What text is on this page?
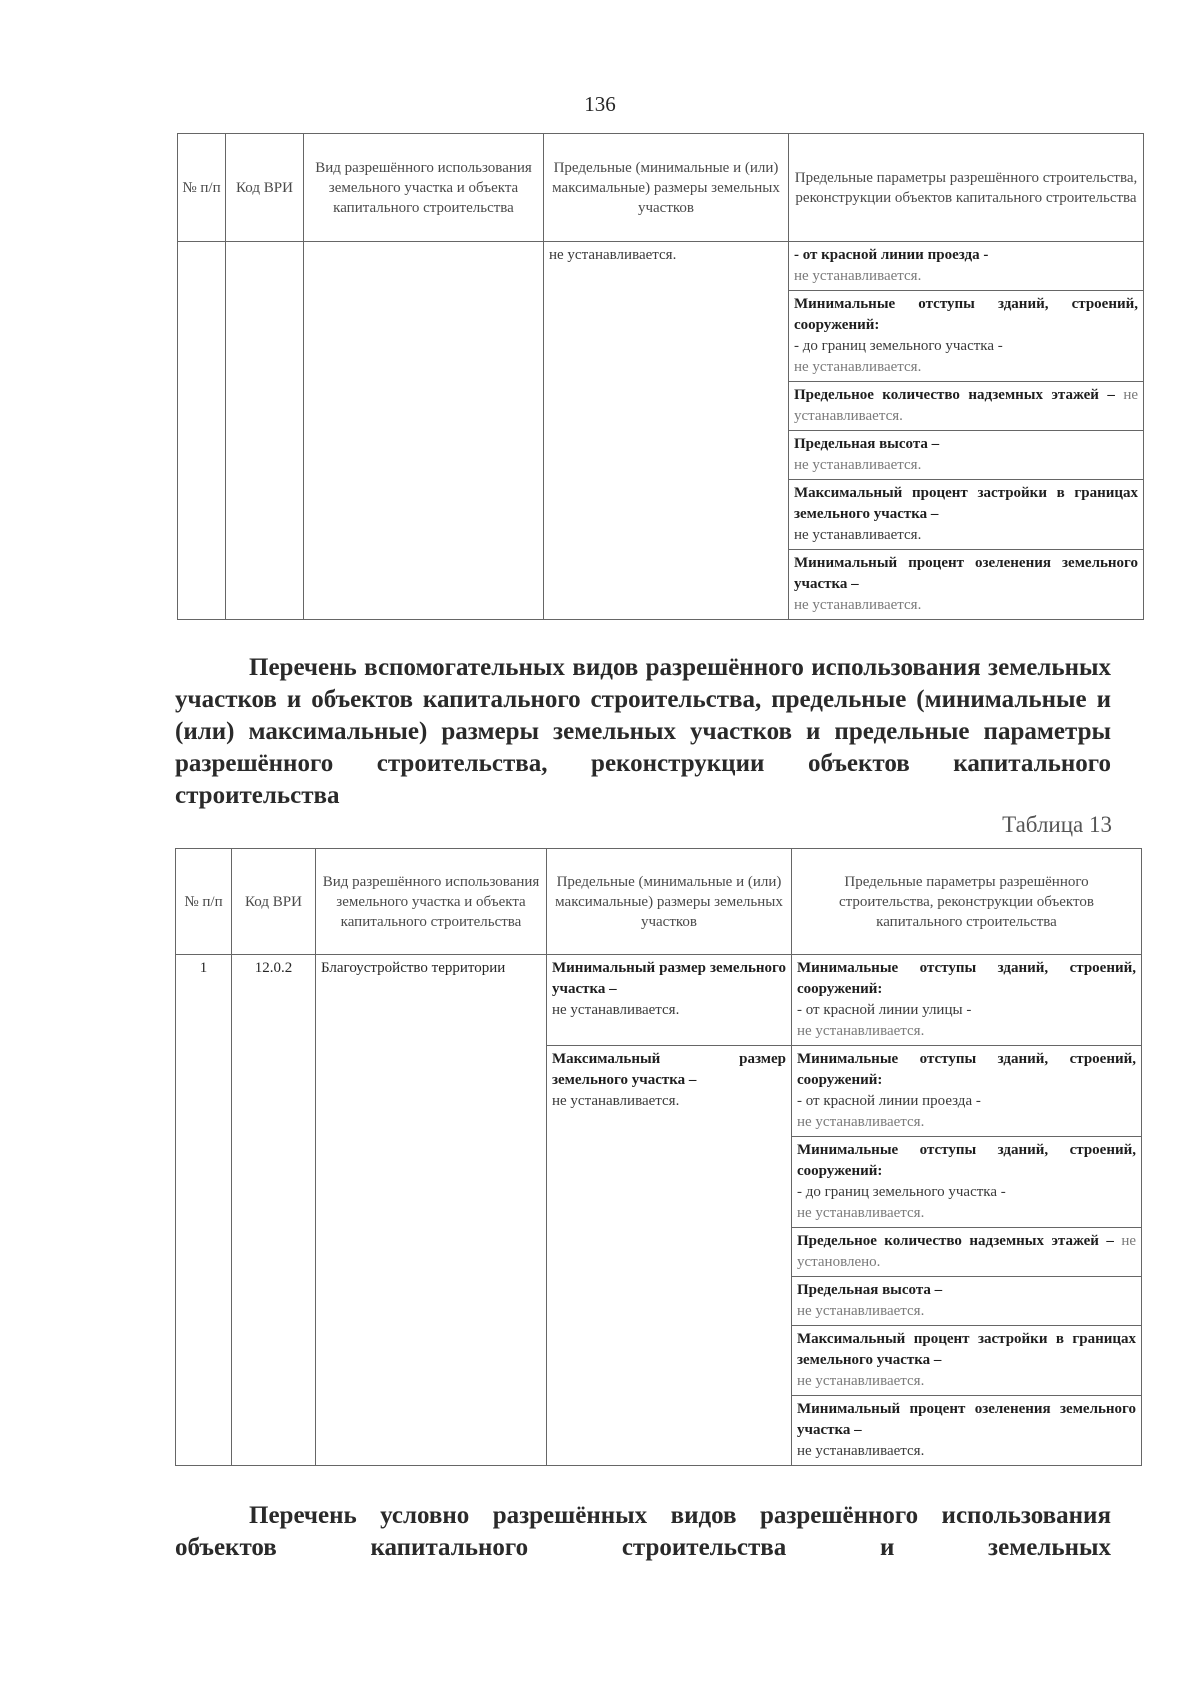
136
№ п/п	Код ВРИ	Вид разрешённого использования земельного участка и объекта капитального строительства	Предельные (минимальные и (или) максимальные) размеры земельных участков	Предельные параметры разрешённого строительства, реконструкции объектов капитального строительства
			не устанавливается.	- от красной линии проезда -
не устанавливается.
				Минимальные отступы зданий, строений, сооружений:
- до границ земельного участка -
не устанавливается.
				Предельное количество надземных этажей – не устанавливается.
				Предельная высота –
не устанавливается.
				Максимальный процент застройки в границах земельного участка –
не устанавливается.
				Минимальный процент озеленения земельного участка –
не устанавливается.
Перечень вспомогательных видов разрешённого использования земельных участков и объектов капитального строительства, предельные (минимальные и (или) максимальные) размеры земельных участков и предельные параметры разрешённого строительства, реконструкции объектов капитального строительства
Таблица 13
№ п/п	Код ВРИ	Вид разрешённого использования земельного участка и объекта капитального строительства	Предельные (минимальные и (или) максимальные) размеры земельных участков	Предельные параметры разрешённого строительства, реконструкции объектов капитального строительства
1	12.0.2	Благоустройство территории	Минимальный размер земельного участка –
не устанавливается.	Минимальные отступы зданий, строений, сооружений:
- от красной линии улицы -
не устанавливается.
			Максимальный размер земельного участка –
не устанавливается.	Минимальные отступы зданий, строений, сооружений:
- от красной линии проезда -
не устанавливается.
				Минимальные отступы зданий, строений, сооружений:
- до границ земельного участка -
не устанавливается.
				Предельное количество надземных этажей – не установлено.
				Предельная высота –
не устанавливается.
				Максимальный процент застройки в границах земельного участка –
не устанавливается.
				Минимальный процент озеленения земельного участка –
не устанавливается.
Перечень условно разрешённых видов разрешённого использования объектов капитального строительства и земельных
